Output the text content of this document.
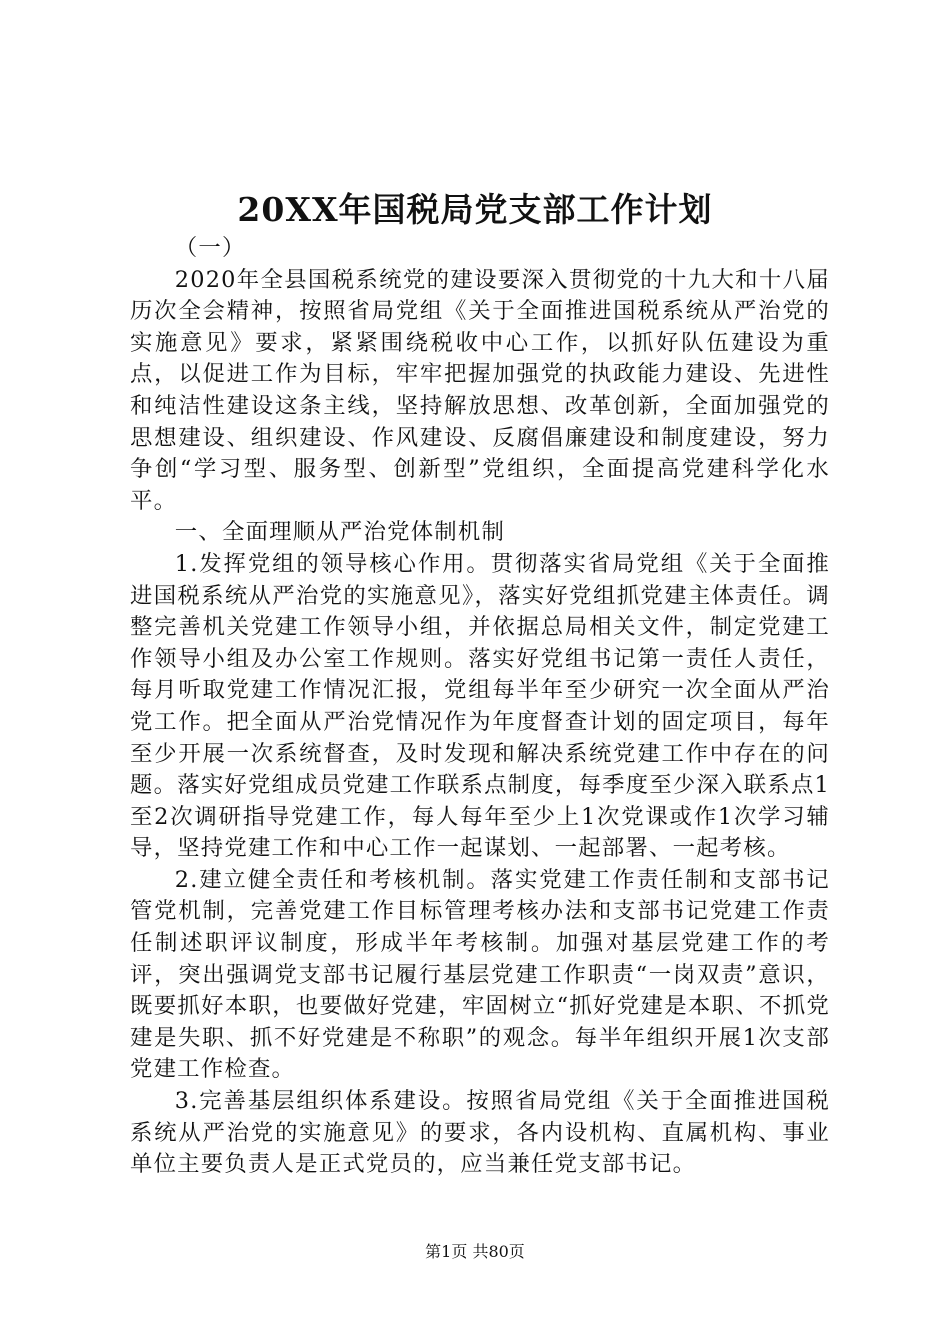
20XX年国税局党支部工作计划

（一）

2020年全县国税系统党的建设要深入贯彻党的十九大和十八届历次全会精神，按照省局党组《关于全面推进国税系统从严治党的实施意见》要求，紧紧围绕税收中心工作，以抓好队伍建设为重点，以促进工作为目标，牢牢把握加强党的执政能力建设、先进性和纯洁性建设这条主线，坚持解放思想、改革创新，全面加强党的思想建设、组织建设、作风建设、反腐倡廉建设和制度建设，努力争创“学习型、服务型、创新型”党组织，全面提高党建科学化水平。

一、全面理顺从严治党体制机制

1.发挥党组的领导核心作用。贯彻落实省局党组《关于全面推进国税系统从严治党的实施意见》，落实好党组抓党建主体责任。调整完善机关党建工作领导小组，并依据总局相关文件，制定党建工作领导小组及办公室工作规则。落实好党组书记第一责任人责任，每月听取党建工作情况汇报，党组每半年至少研究一次全面从严治党工作。把全面从严治党情况作为年度督查计划的固定项目，每年至少开展一次系统督查，及时发现和解决系统党建工作中存在的问题。落实好党组成员党建工作联系点制度，每季度至少深入联系点1至2次调研指导党建工作，每人每年至少上1次党课或作1次学习辅导，坚持党建工作和中心工作一起谋划、一起部署、一起考核。

2.建立健全责任和考核机制。落实党建工作责任制和支部书记管党机制，完善党建工作目标管理考核办法和支部书记党建工作责任制述职评议制度，形成半年考核制。加强对基层党建工作的考评，突出强调党支部书记履行基层党建工作职责“一岗双责”意识，既要抓好本职，也要做好党建，牢固树立“抓好党建是本职、不抓党建是失职、抓不好党建是不称职”的观念。每半年组织开展1次支部党建工作检查。

3.完善基层组织体系建设。按照省局党组《关于全面推进国税系统从严治党的实施意见》的要求，各内设机构、直属机构、事业单位主要负责人是正式党员的，应当兼任党支部书记。

第1页 共80页
